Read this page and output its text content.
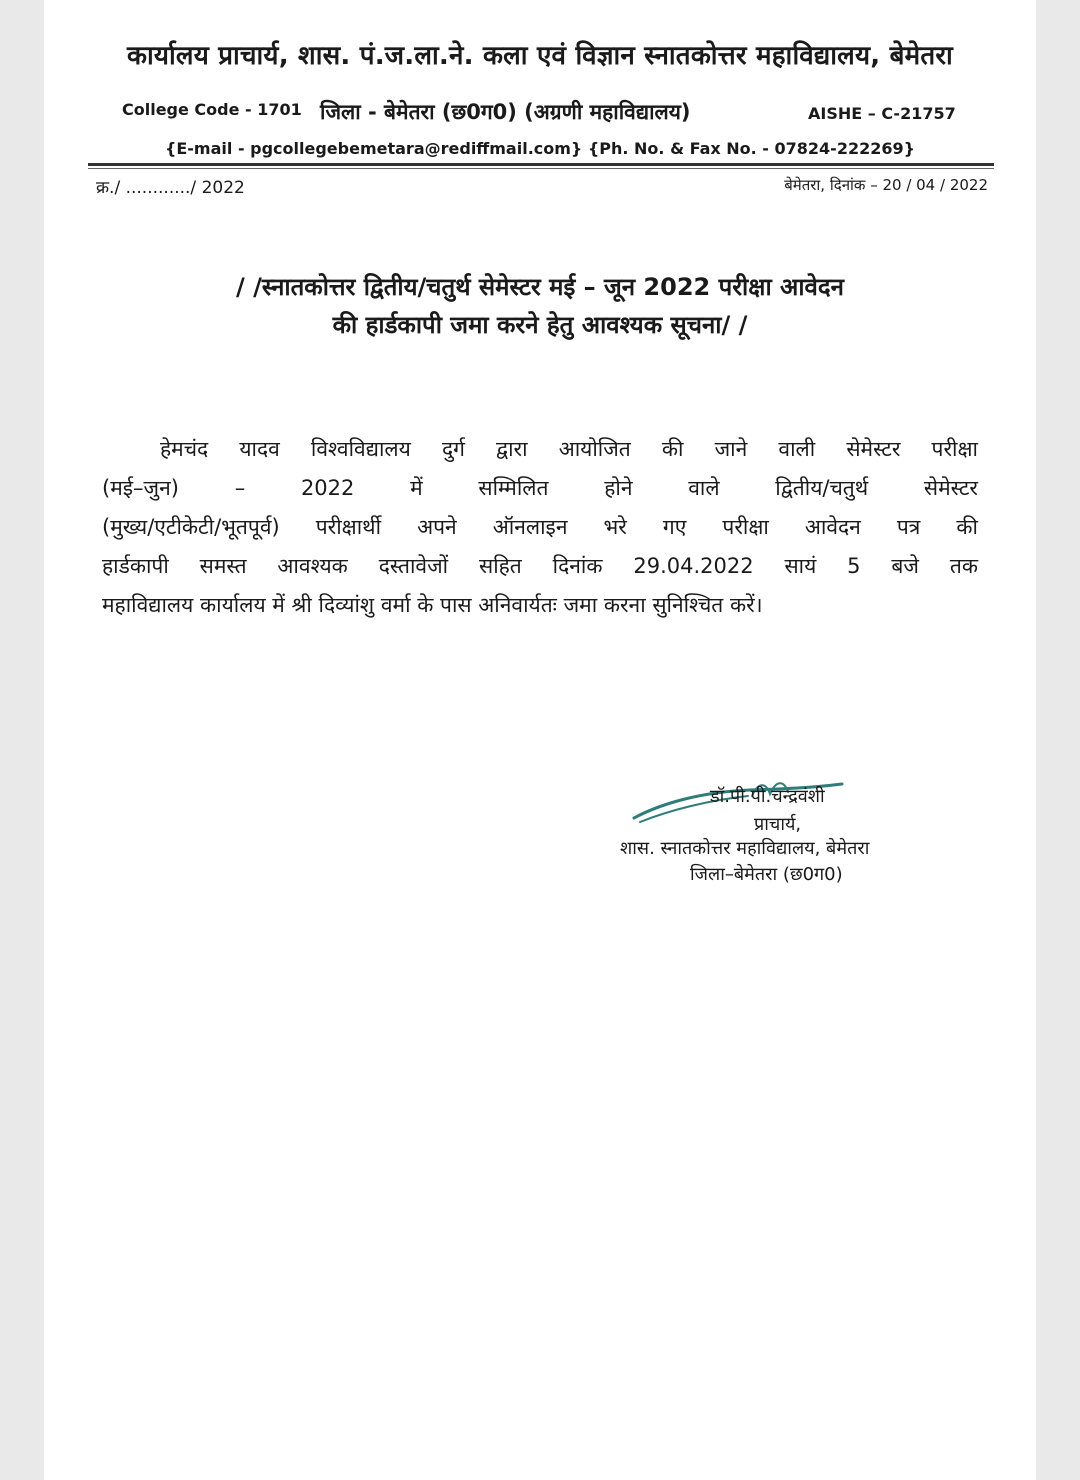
कार्यालय प्राचार्य, शास. पं.ज.ला.ने. कला एवं विज्ञान स्नातकोत्तर महाविद्यालय, बेमेतरा
College Code - 1701 जिला - बेमेतरा (छ0ग0) (अग्रणी महाविद्यालय)	AISHE – C-21757
{E-mail - pgcollegebemetara@rediffmail.com} {Ph. No. & Fax No. - 07824-222269}
क्र./ ............/ 2022	बेमेतरा, दिनांक – 20 / 04 / 2022
/ /स्नातकोत्तर द्वितीय/चतुर्थ सेमेस्टर मई – जून 2022 परीक्षा आवेदन
की हार्डकापी जमा करने हेतु आवश्यक सूचना/ /
हेमचंद यादव विश्वविद्यालय दुर्ग द्वारा आयोजित की जाने वाली सेमेस्टर परीक्षा
(मई–जुन) – 2022 में सम्मिलित होने वाले द्वितीय/चतुर्थ सेमेस्टर
(मुख्य/एटीकेटी/भूतपूर्व) परीक्षार्थी अपने ऑनलाइन भरे गए परीक्षा आवेदन पत्र की
हार्डकापी समस्त आवश्यक दस्तावेजों सहित दिनांक 29.04.2022 सायं 5 बजे तक
महाविद्यालय कार्यालय में श्री दिव्यांशु वर्मा के पास अनिवार्यतः जमा करना सुनिश्चित करें।
डॉ.पी.पी.चन्द्रवंशी
प्राचार्य,
शास. स्नातकोत्तर महाविद्यालय, बेमेतरा
जिला–बेमेतरा (छ0ग0)
